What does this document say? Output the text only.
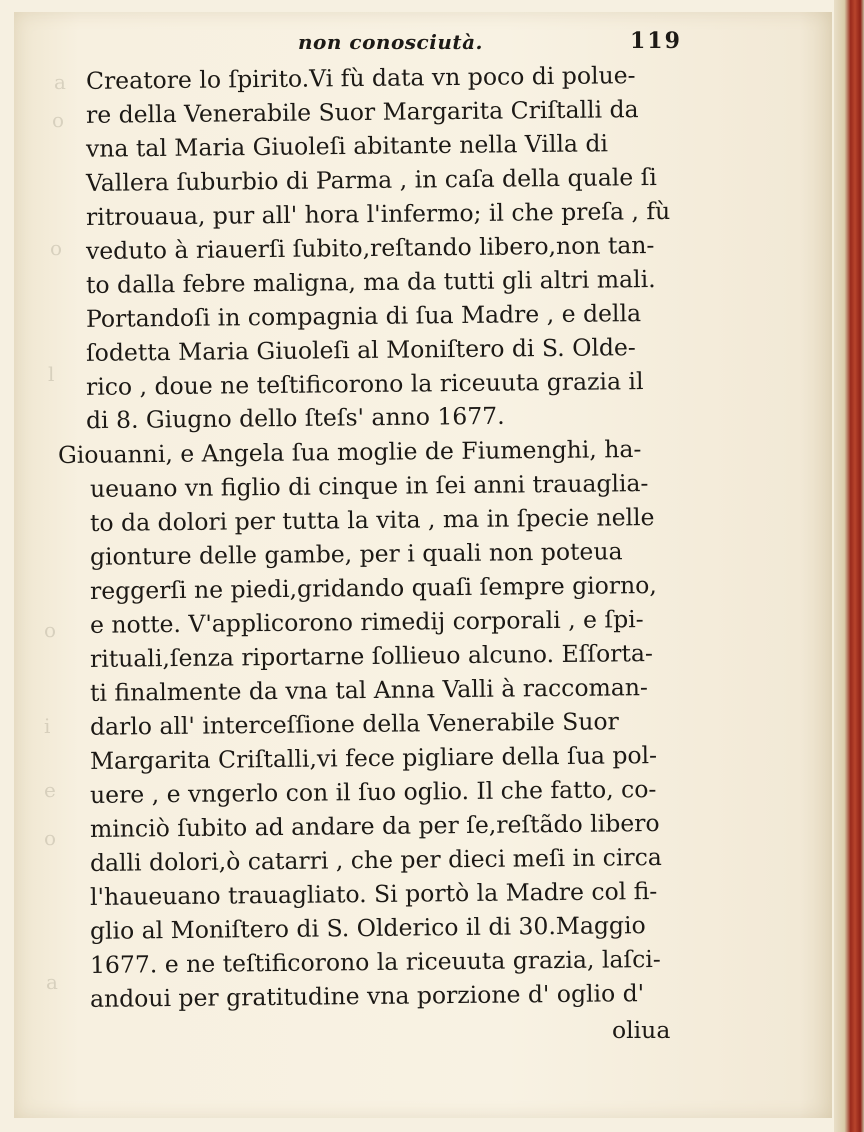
a
o
o
l
o
i
e
o
a
non conosciutà.	119
Creatore lo ſpirito.Vi fù data vn poco di polue-
re della Venerabile Suor Margarita Criſtalli da
vna tal Maria Giuoleſi abitante nella Villa di
Vallera ſuburbio di Parma , in caſa della quale ſi
ritrouaua, pur all' hora l'infermo; il che preſa , fù
veduto à riauerſi ſubito,reſtando libero,non tan-
to dalla febre maligna, ma da tutti gli altri mali.
Portandoſi in compagnia di ſua Madre , e della
ſodetta Maria Giuoleſi al Moniſtero di S. Olde-
rico , doue ne teſtificorono la riceuuta grazia il
di 8. Giugno dello ſteſs' anno 1677.
Giouanni, e Angela ſua moglie de Fiumenghi, ha-
ueuano vn figlio di cinque in ſei anni trauaglia-
to da dolori per tutta la vita , ma in ſpecie nelle
gionture delle gambe, per i quali non poteua
reggerſi ne piedi,gridando quaſi ſempre giorno,
e notte. V'applicorono rimedij corporali , e ſpi-
rituali,ſenza riportarne ſollieuo alcuno. Eſſorta-
ti finalmente da vna tal Anna Valli à raccoman-
darlo all' interceſſione della Venerabile Suor
Margarita Criſtalli,vi fece pigliare della ſua pol-
uere , e vngerlo con il ſuo oglio. Il che fatto, co-
minciò ſubito ad andare da per ſe,reſtãdo libero
dalli dolori,ò catarri , che per dieci meſi in circa
l'haueuano trauagliato. Si portò la Madre col fi-
glio al Moniſtero di S. Olderico il di 30.Maggio
1677. e ne teſtificorono la riceuuta grazia, laſci-
andoui per gratitudine vna porzione d' oglio d'
oliua
